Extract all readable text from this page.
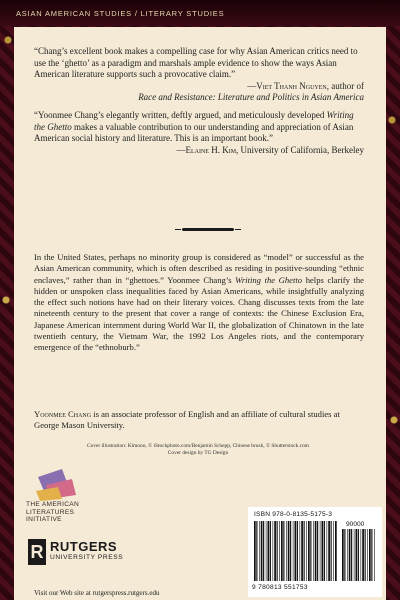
ASIAN AMERICAN STUDIES / LITERARY STUDIES
“Chang’s excellent book makes a compelling case for why Asian American critics need to use the ‘ghetto’ as a paradigm and marshals ample evidence to show the ways Asian American literature supports such a provocative claim.”
—Viet Thanh Nguyen, author of
Race and Resistance: Literature and Politics in Asian America
“Yoonmee Chang’s elegantly written, deftly argued, and meticulously developed Writing the Ghetto makes a valuable contribution to our understanding and appreciation of Asian American social history and literature. This is an important book.”
—Elaine H. Kim, University of California, Berkeley
In the United States, perhaps no minority group is considered as “model” or successful as the Asian American community, which is often described as residing in positive-sounding “ethnic enclaves,” rather than in “ghettoes.” Yoonmee Chang’s Writing the Ghetto helps clarify the hidden or unspoken class inequalities faced by Asian Americans, while insightfully analyzing the effect such notions have had on their literary voices. Chang discusses texts from the late nineteenth century to the present that cover a range of contexts: the Chinese Exclusion Era, Japanese American internment during World War II, the globalization of Chinatown in the late twentieth century, the Vietnam War, the 1992 Los Angeles riots, and the contemporary emergence of the “ethnoburb.”
Yoonmee Chang is an associate professor of English and an affiliate of cultural studies at George Mason University.
Cover illustration: Kimono, © iStockphoto.com/Benjamin Schepp, Chinese brush, © Shutterstock.com
Cover design by TG Design
THE AMERICAN LITERATURES INITIATIVE
R RUTGERS
UNIVERSITY PRESS
Visit our Web site at rutgerspress.rutgers.edu
ISBN 978-0-8135-5175-3
90000
9 780813 551753
